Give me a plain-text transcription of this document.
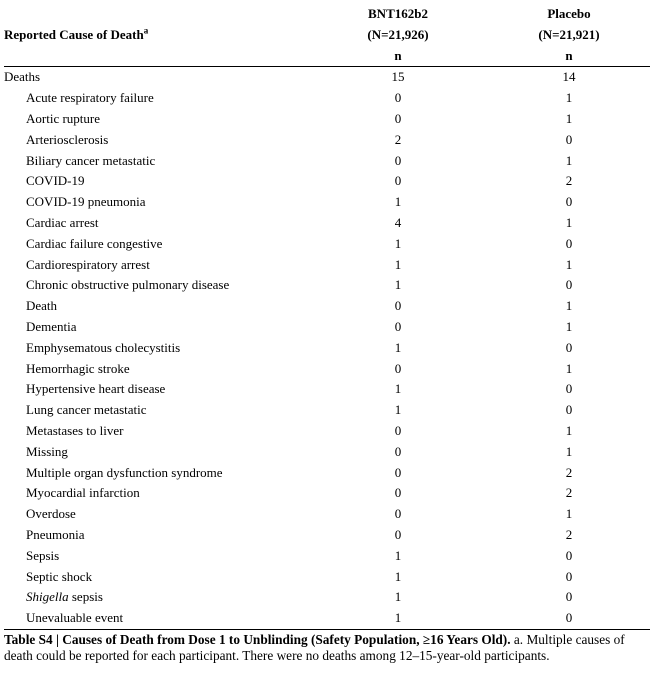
	BNT162b2	Placebo
Reported Cause of Death$^a$	(N=21,926)	(N=21,921)
	n	n
Deaths	15	14
Acute respiratory failure	0	1
Aortic rupture	0	1
Arteriosclerosis	2	0
Biliary cancer metastatic	0	1
COVID-19	0	2
COVID-19 pneumonia	1	0
Cardiac arrest	4	1
Cardiac failure congestive	1	0
Cardiorespiratory arrest	1	1
Chronic obstructive pulmonary disease	1	0
Death	0	1
Dementia	0	1
Emphysematous cholecystitis	1	0
Hemorrhagic stroke	0	1
Hypertensive heart disease	1	0
Lung cancer metastatic	1	0
Metastases to liver	0	1
Missing	0	1
Multiple organ dysfunction syndrome	0	2
Myocardial infarction	0	2
Overdose	0	1
Pneumonia	0	2
Sepsis	1	0
Septic shock	1	0
Shigella sepsis	1	0
Unevaluable event	1	0
Table S4 | Causes of Death from Dose 1 to Unblinding (Safety Population, ≥16 Years Old). a. Multiple causes of death could be reported for each participant. There were no deaths among 12–15-year-old participants.
